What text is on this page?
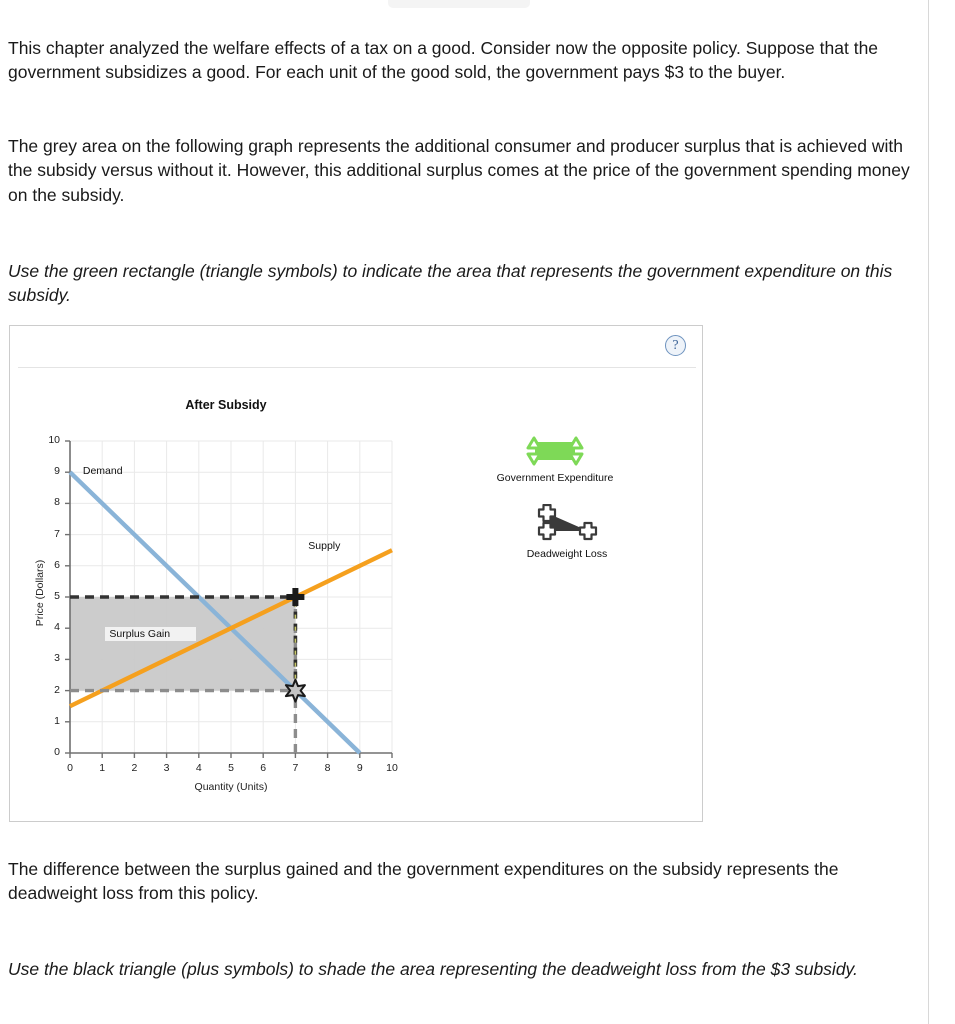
This chapter analyzed the welfare effects of a tax on a good. Consider now the opposite policy. Suppose that the government subsidizes a good. For each unit of the good sold, the government pays $3 to the buyer.
The grey area on the following graph represents the additional consumer and producer surplus that is achieved with the subsidy versus without it. However, this additional surplus comes at the price of the government spending money on the subsidy.
Use the green rectangle (triangle symbols) to indicate the area that represents the government expenditure on this subsidy.
The difference between the surplus gained and the government expenditures on the subsidy represents the deadweight loss from this policy.
Use the black triangle (plus symbols) to shade the area representing the deadweight loss from the $3 subsidy.
?
After Subsidy
0
1
2
3
4
5
6
7
8
9
10
0	1	2	3	4	5	6	7	8	9	10
Price (Dollars)
Quantity (Units)
Demand
Supply
Surplus Gain
Government Expenditure
Deadweight Loss
